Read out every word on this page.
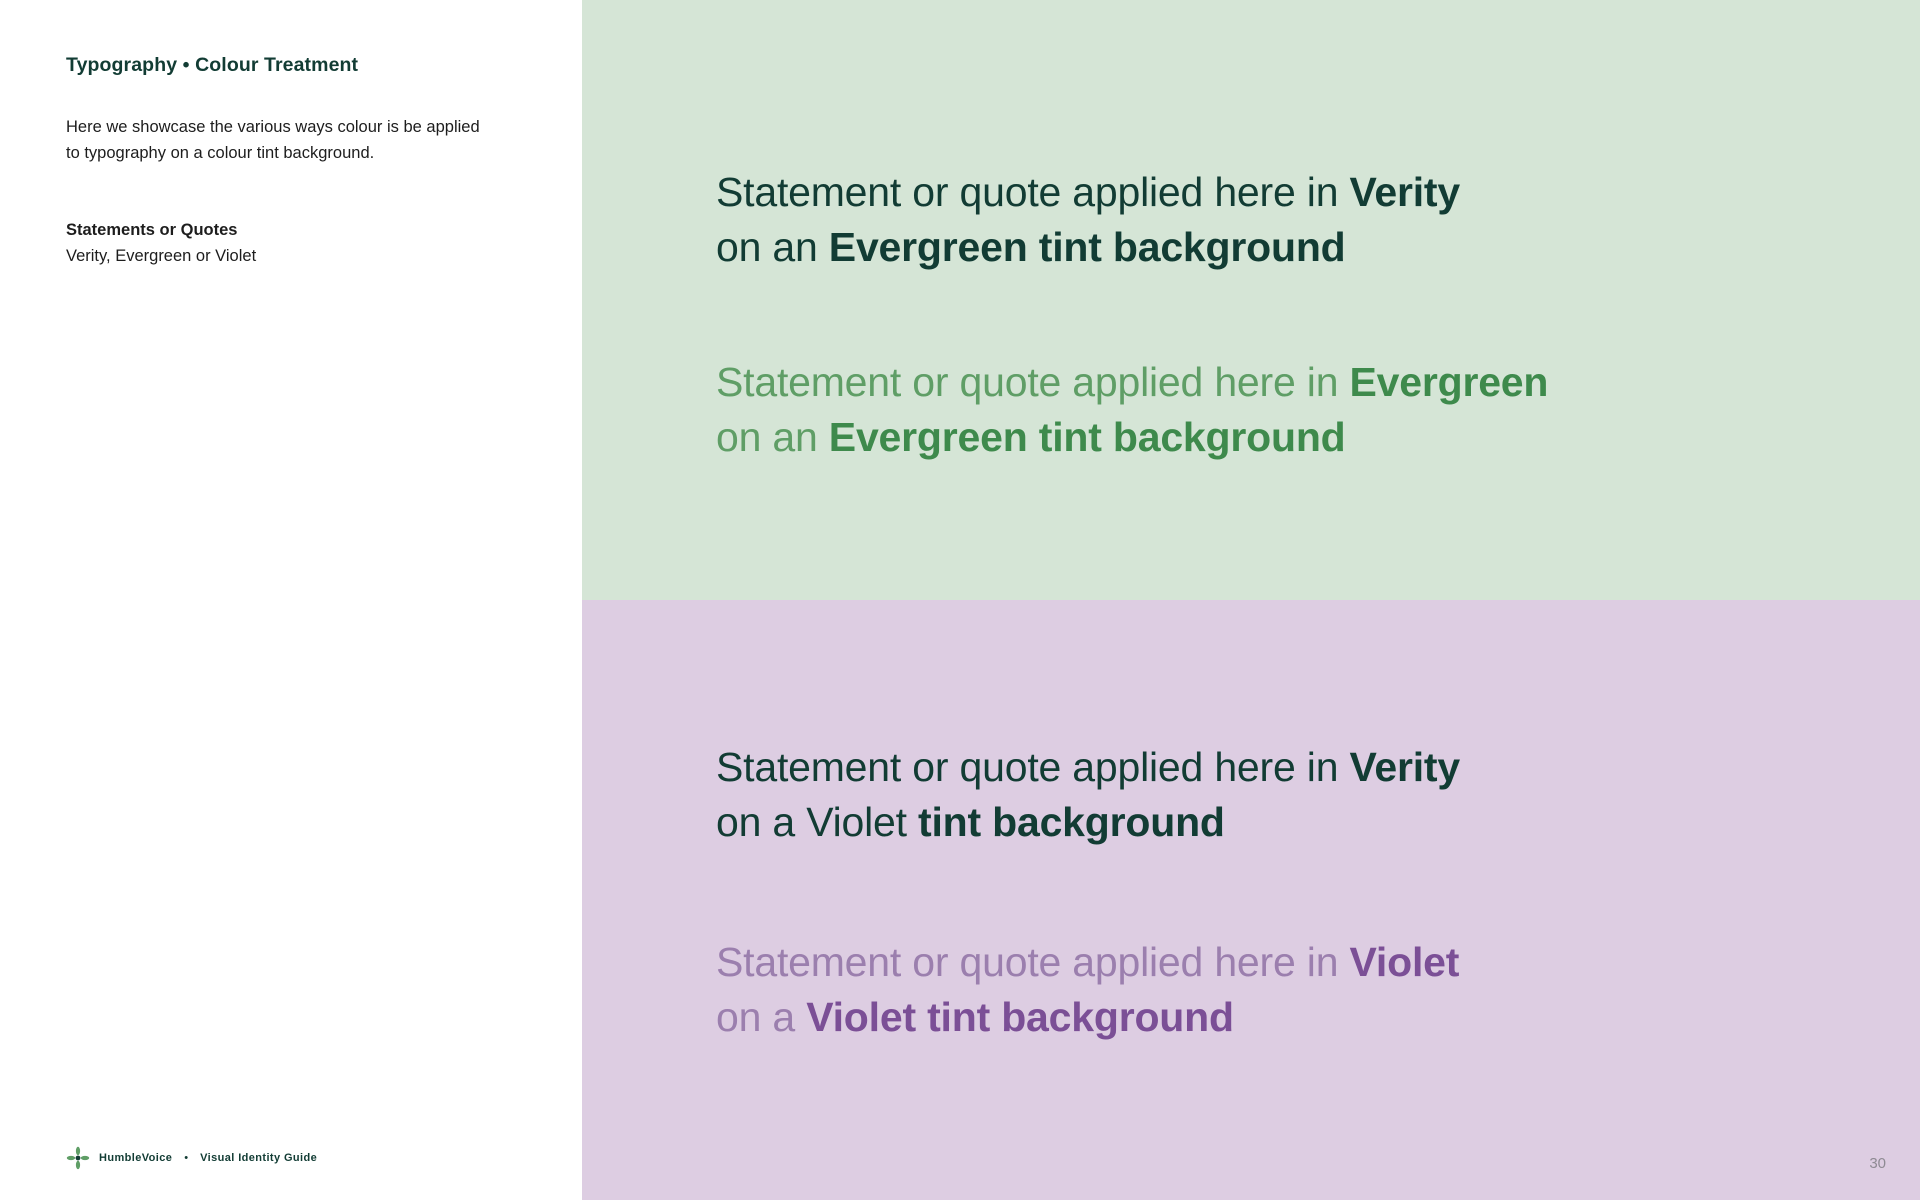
Typography • Colour Treatment
Here we showcase the various ways colour is be applied to typography on a colour tint background.
Statements or Quotes
Verity, Evergreen or Violet
HumbleVoice • Visual Identity Guide
Statement or quote applied here in Verity
on an Evergreen tint background
Statement or quote applied here in Evergreen
on an Evergreen tint background
Statement or quote applied here in Verity
on a Violet tint background
Statement or quote applied here in Violet
on a Violet tint background
30
